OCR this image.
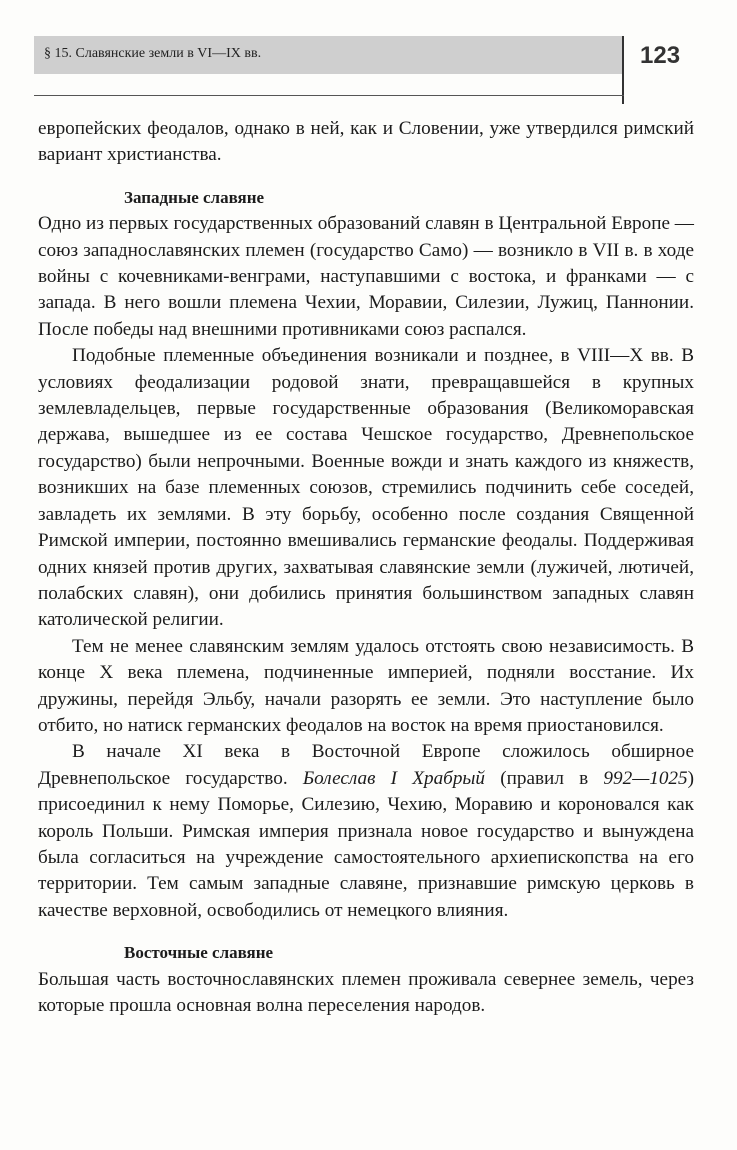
§ 15. Славянские земли в VI—IX вв.	123

европейских феодалов, однако в ней, как и Словении, уже утвердился римский вариант христианства.

Западные славяне

Одно из первых государственных образований славян в Центральной Европе — союз западнославянских племен (государство Само) — возникло в VII в. в ходе войны с кочевниками-венграми, наступавшими с востока, и франками — с запада. В него вошли племена Чехии, Моравии, Силезии, Лужиц, Паннонии. После победы над внешними противниками союз распался.

Подобные племенные объединения возникали и позднее, в VIII—X вв. В условиях феодализации родовой знати, превращавшейся в крупных землевладельцев, первые государственные образования (Великоморавская держава, вышедшее из ее состава Чешское государство, Древнепольское государство) были непрочными. Военные вожди и знать каждого из княжеств, возникших на базе племенных союзов, стремились подчинить себе соседей, завладеть их землями. В эту борьбу, особенно после создания Священной Римской империи, постоянно вмешивались германские феодалы. Поддерживая одних князей против других, захватывая славянские земли (лужичей, лютичей, полабских славян), они добились принятия большинством западных славян католической религии.

Тем не менее славянским землям удалось отстоять свою независимость. В конце X века племена, подчиненные империей, подняли восстание. Их дружины, перейдя Эльбу, начали разорять ее земли. Это наступление было отбито, но натиск германских феодалов на восток на время приостановился.

В начале XI века в Восточной Европе сложилось обширное Древнепольское государство. Болеслав I Храбрый (правил в 992—1025) присоединил к нему Поморье, Силезию, Чехию, Моравию и короновался как король Польши. Римская империя признала новое государство и вынуждена была согласиться на учреждение самостоятельного архиепископства на его территории. Тем самым западные славяне, признавшие римскую церковь в качестве верховной, освободились от немецкого влияния.

Восточные славяне

Большая часть восточнославянских племен проживала севернее земель, через которые прошла основная волна переселения народов.
